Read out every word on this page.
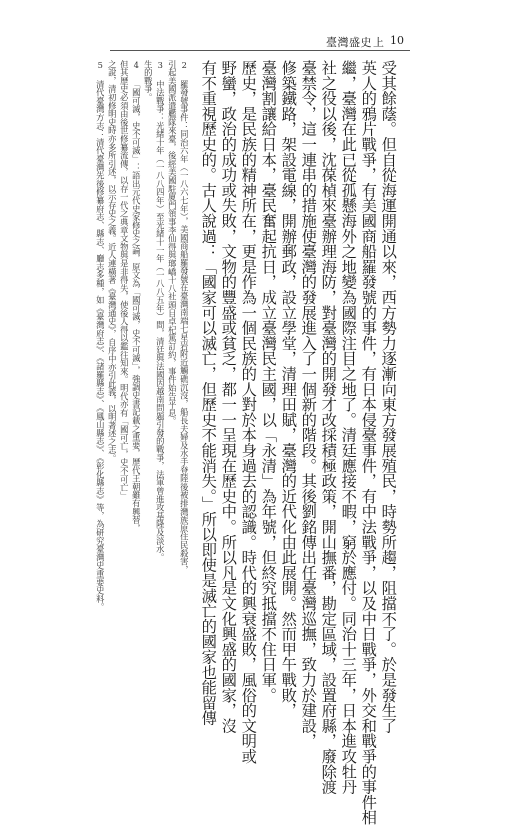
臺灣盛史 上 10
受其餘蔭。但自從海運開通以來，西方勢力逐漸向東方發展殖民，時勢所趨，阻擋不了。於是發生了
英人的鴉片戰爭，有美國商船羅發號的事件，有日本侵臺事件，有中法戰爭，以及中日戰爭，外交和戰爭的事件相
繼，臺灣在此已從孤懸海外之地變為國際注目之地了。清廷應接不暇，窮於應付。同治十三年，日本進攻牡丹
社之役以後，沈葆楨來臺辦理海防，對臺灣的開發才改採積極政策，開山撫番，勘定區域，設置府縣，廢除渡
臺禁令，這一連串的措施使臺灣的發展進入了一個新的階段。其後劉銘傳出任臺灣巡撫，致力於建設，
修築鐵路，架設電線，開辦郵政，設立學堂，清理田賦，臺灣的近代化由此展開。然而甲午戰敗，
臺灣割讓給日本，臺民奮起抗日，成立臺灣民主國，以「永清」為年號，但終究抵擋不住日軍。
歷史，是民族的精神所在，更是作為一個民族的人對於本身過去的認識。時代的興衰盛敗，風俗的文明或
野蠻，政治的成功或失敗，文物的豐盛或貧乏，都一一呈現在歷史中。所以凡是文化興盛的國家，沒
有不重視歷史的。古人說過：「國家可以滅亡，但歷史不能消失。」所以即使是滅亡的國家也能留傳
2 羅發號事件：同治六年（一八六七年），美國商船羅發號在臺灣南端七星岩附近觸礁沉沒，船長夫婦及水手登陸後被排灣族原住民殺害，
引起美國派遣艦隊來臺，後經美國駐廈門領事李仙得與瑯嶠十八社頭目卓杞篤訂約，事件始告平息。
3 中法戰爭：光緒十年（一八八四年）至光緒十一年（一八八五年）間，清廷與法國因越南問題引發的戰爭，法軍曾進攻基隆及淡水。
生的戰爭。
4 「國可滅，史不可滅」：語出元代史家修史之論，原文為「國可滅，史不可滅」，強調史書記載之重要，歷代王朝雖有興替，
但其歷史必須由後世修纂流傳，以存一代之典章文物與是非得失，使後人得以鑑往知來。明代亦有「國可亡，史不可亡」
之說，清初修明史時亦多所引述，以示存史之義。近人連橫著《臺灣通史》，自序中亦引此義，以明著述之志。
5 清代臺灣方志：清代臺灣先後修纂府志、縣志、廳志多種，如《臺灣府志》、《諸羅縣志》、《鳳山縣志》、《彰化縣志》等，為研究臺灣史重要史料。
